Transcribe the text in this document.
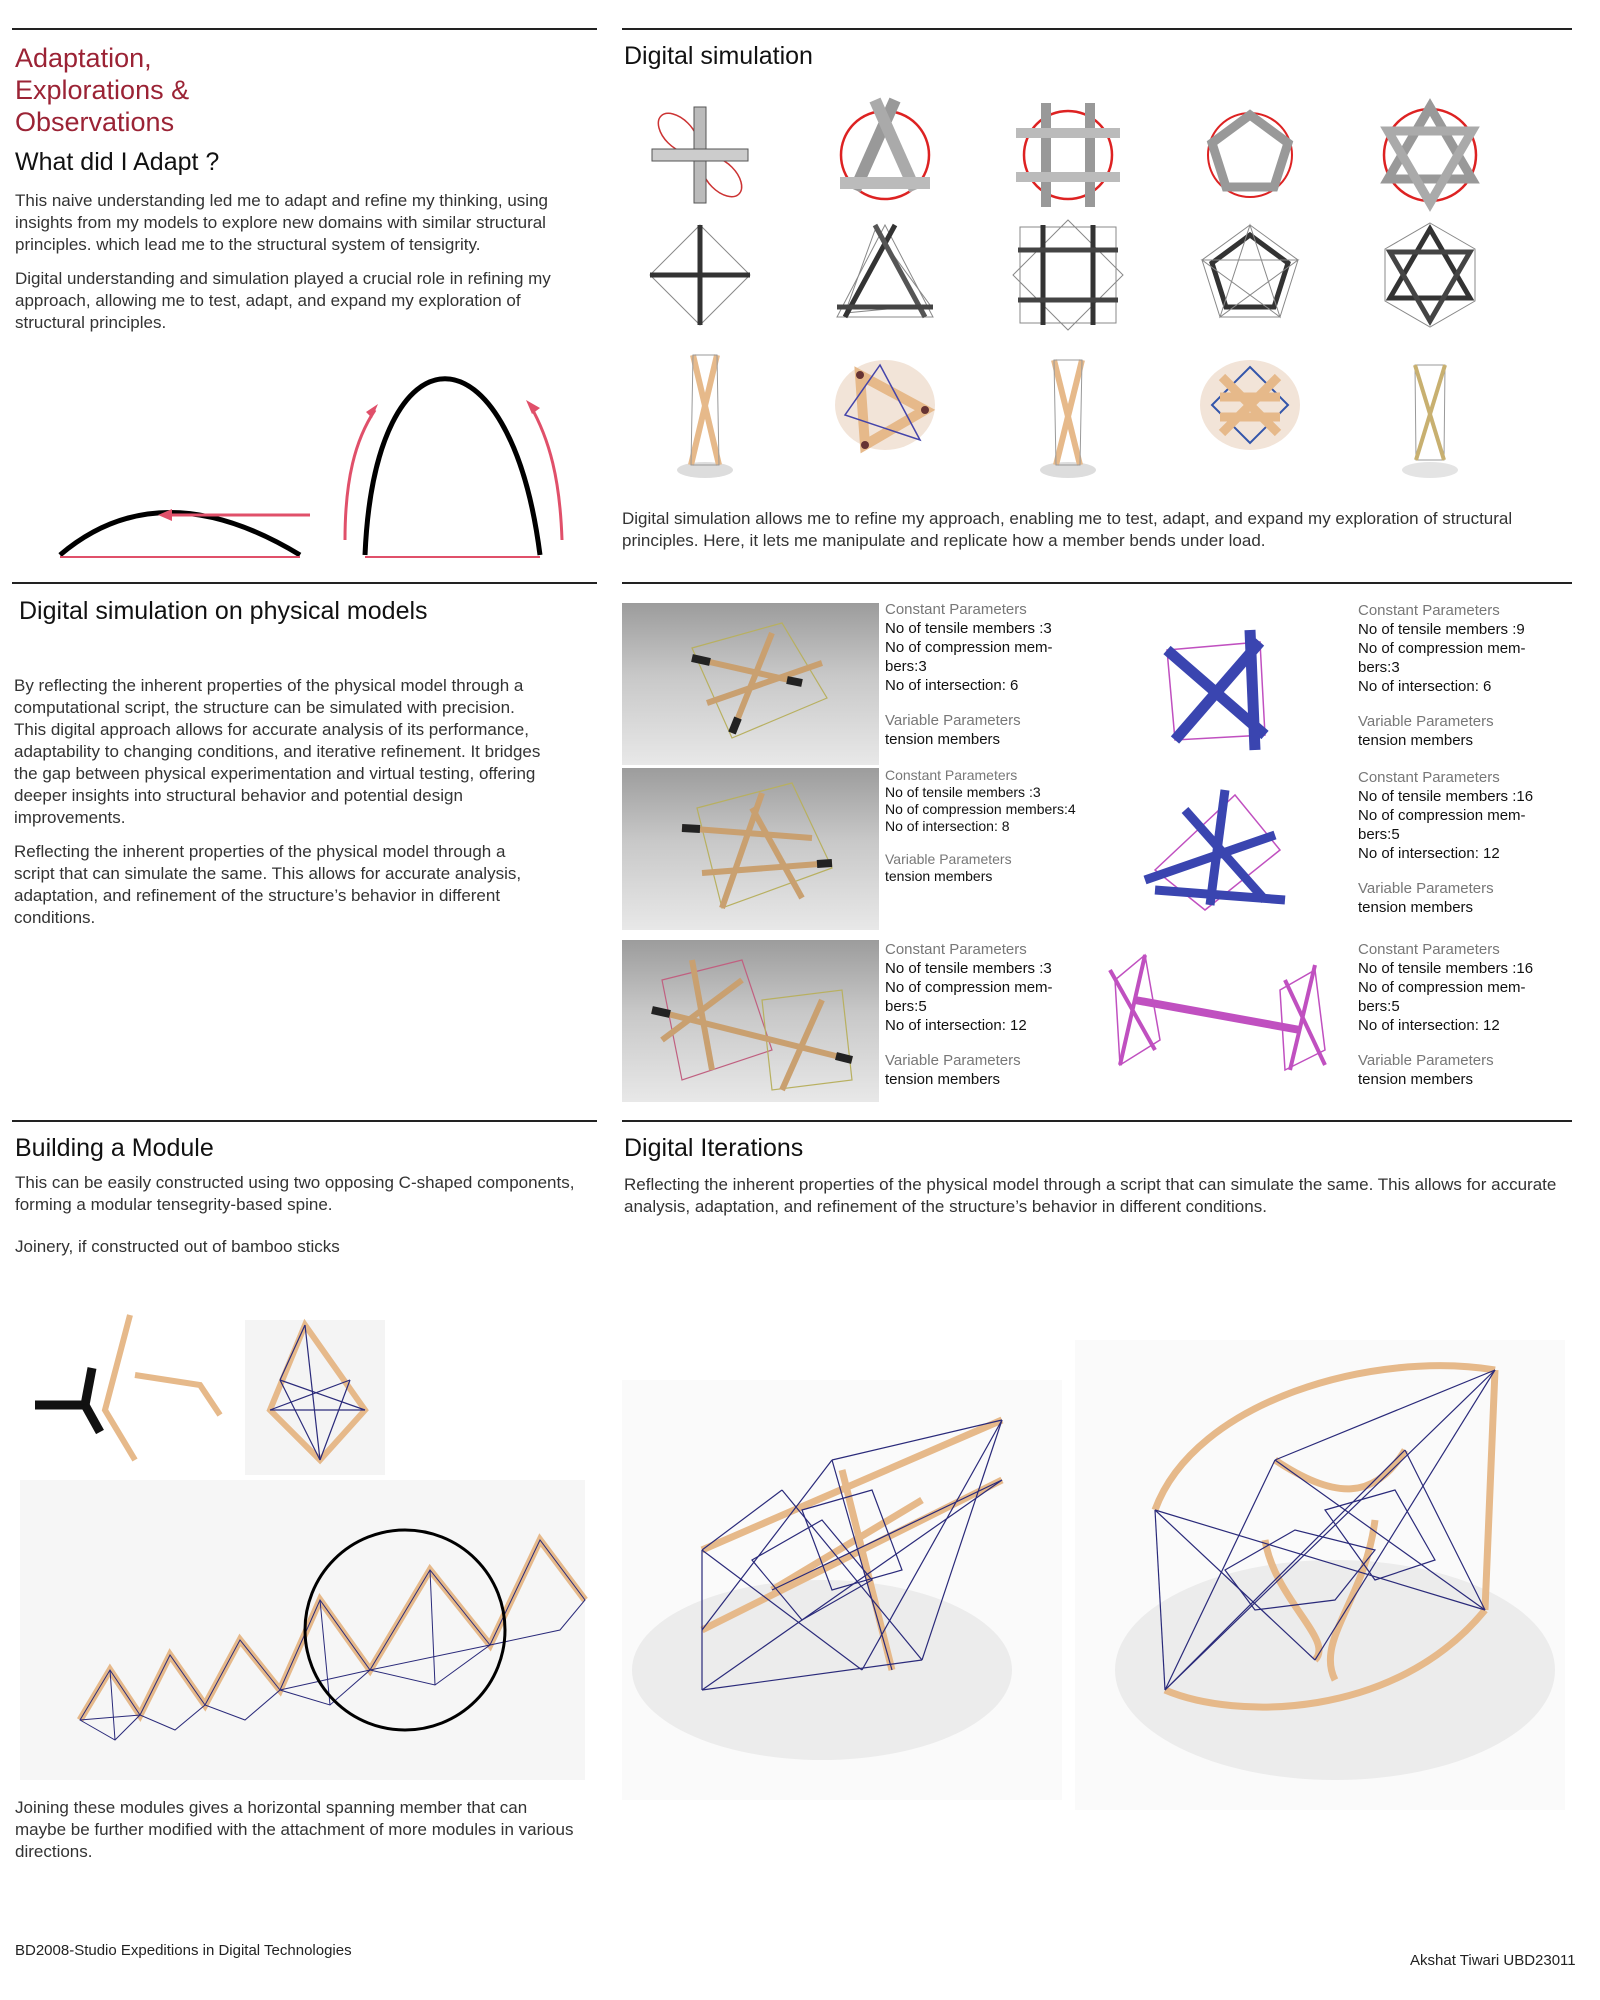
Adaptation,
Explorations &
Observations
What did I Adapt ?

This naive understanding led me to adapt and refine my thinking, using insights from my models to explore new domains with similar structural principles. which lead me to the structural system of tensigrity.

Digital understanding and simulation played a crucial role in refining my approach, allowing me to test, adapt, and expand my exploration of structural principles.

Digital simulation
Digital simulation allows me to refine my approach, enabling me to test, adapt, and expand my exploration of structural principles. Here, it lets me manipulate and replicate how a member bends under load.
Digital simulation on physical models

By reflecting the inherent properties of the physical model through a computational script, the structure can be simulated with precision. This digital approach allows for accurate analysis of its performance, adaptability to changing conditions, and iterative refinement. It bridges the gap between physical experimentation and virtual testing, offering deeper insights into structural behavior and potential design improvements.

Reflecting the inherent properties of the physical model through a script that can simulate the same. This allows for accurate analysis, adaptation, and refinement of the structure’s behavior in different conditions.

Constant Parameters
No of tensile members :3
No of compression mem-
bers:3
No of intersection: 6
Variable Parameters
tension members
Constant Parameters
No of tensile members :3
No of compression members:4
No of intersection: 8
Variable Parameters
tension members
Constant Parameters
No of tensile members :3
No of compression mem-
bers:5
No of intersection: 12
Variable Parameters
tension members
Constant Parameters
No of tensile members :9
No of compression mem-
bers:3
No of intersection: 6
Variable Parameters
tension members
Constant Parameters
No of tensile members :16
No of compression mem-
bers:5
No of intersection: 12
Variable Parameters
tension members
Constant Parameters
No of tensile members :16
No of compression mem-
bers:5
No of intersection: 12
Variable Parameters
tension members
Building a Module
This can be easily constructed using two opposing C-shaped components, forming a modular tensegrity-based spine.
Joinery, if constructed out of bamboo sticks
Joining these modules gives a horizontal spanning member that can maybe be further modified with the attachment of more modules in various directions.
Digital Iterations
Reflecting the inherent properties of the physical model through a script that can simulate the same. This allows for accurate analysis, adaptation, and refinement of the structure’s behavior in different conditions.
BD2008-Studio Expeditions in Digital Technologies
Akshat Tiwari UBD23011
